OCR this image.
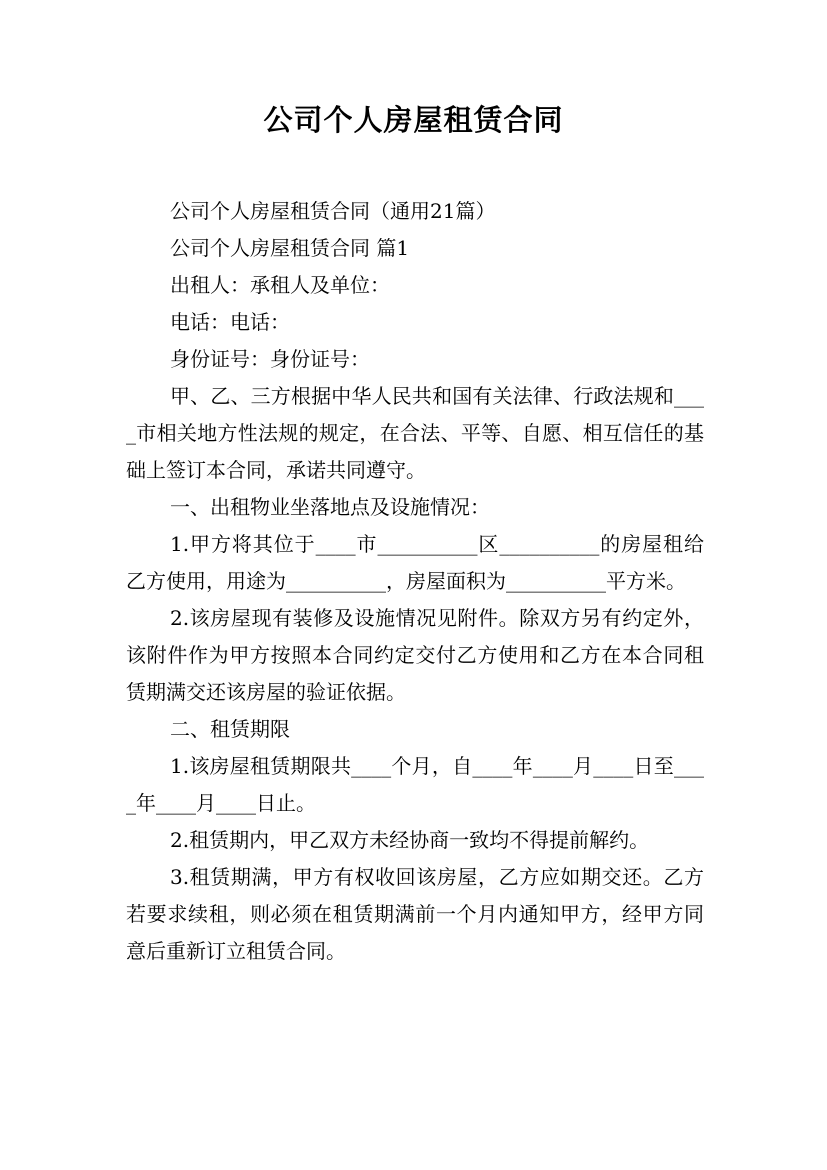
公司个人房屋租赁合同

公司个人房屋租赁合同（通用21篇）

公司个人房屋租赁合同 篇1

出租人：承租人及单位：

电话：电话：

身份证号：身份证号：

甲、乙、三方根据中华人民共和国有关法律、行政法规和____市相关地方性法规的规定，在合法、平等、自愿、相互信任的基础上签订本合同，承诺共同遵守。

一、出租物业坐落地点及设施情况：

1.甲方将其位于____市__________区__________的房屋租给乙方使用，用途为__________，房屋面积为__________平方米。

2.该房屋现有装修及设施情况见附件。除双方另有约定外，该附件作为甲方按照本合同约定交付乙方使用和乙方在本合同租赁期满交还该房屋的验证依据。

二、租赁期限

1.该房屋租赁期限共____个月，自____年____月____日至____年____月____日止。

2.租赁期内，甲乙双方未经协商一致均不得提前解约。

3.租赁期满，甲方有权收回该房屋，乙方应如期交还。乙方若要求续租，则必须在租赁期满前一个月内通知甲方，经甲方同意后重新订立租赁合同。
